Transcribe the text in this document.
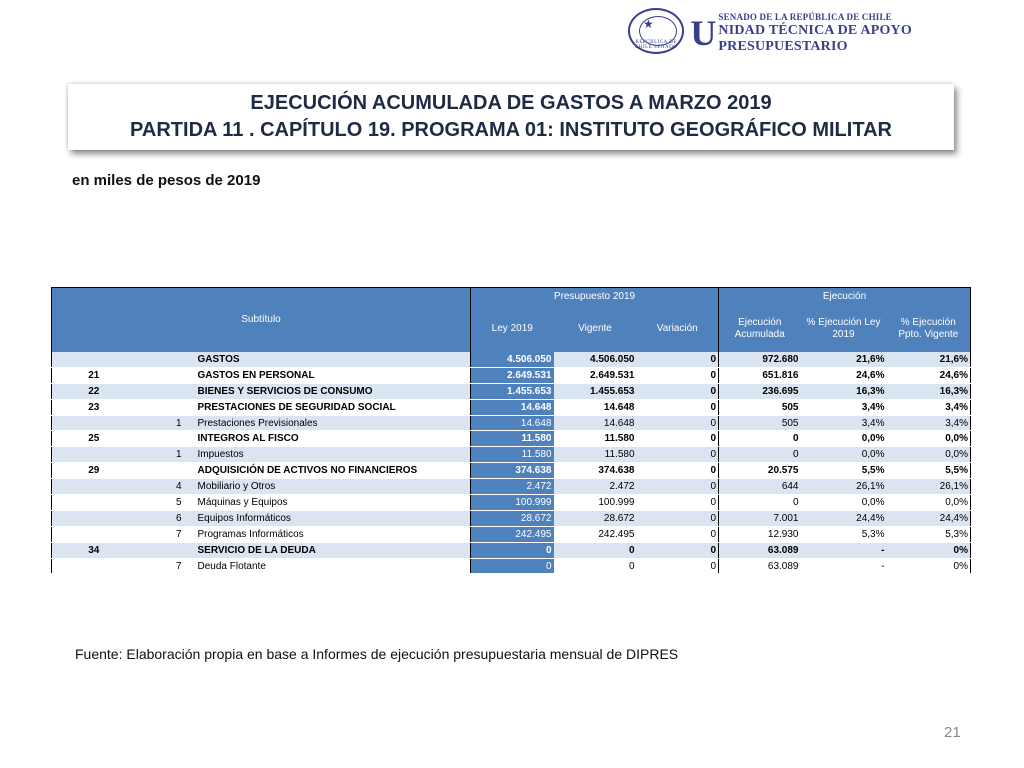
★
REPÚBLICA DE CHILE SENADO U SENADO DE LA REPÚBLICA DE CHILE
NIDAD TÉCNICA DE APOYO PRESUPUESTARIO
EJECUCIÓN ACUMULADA DE GASTOS A MARZO 2019
PARTIDA 11 . CAPÍTULO 19. PROGRAMA 01: INSTITUTO GEOGRÁFICO MILITAR
en miles de pesos de 2019
Subtítulo			Presupuesto 2019			Ejecución		
			Ley 2019	Vigente	Variación	Ejecución Acumulada	% Ejecución Ley 2019	% Ejecución Ppto. Vigente
		GASTOS	4.506.050	4.506.050	0	972.680	21,6%	21,6%
21		GASTOS EN PERSONAL	2.649.531	2.649.531	0	651.816	24,6%	24,6%
22		BIENES Y SERVICIOS DE CONSUMO	1.455.653	1.455.653	0	236.695	16,3%	16,3%
23		PRESTACIONES DE SEGURIDAD SOCIAL	14.648	14.648	0	505	3,4%	3,4%
	1	Prestaciones Previsionales	14.648	14.648	0	505	3,4%	3,4%
25		INTEGROS AL FISCO	11.580	11.580	0	0	0,0%	0,0%
	1	Impuestos	11.580	11.580	0	0	0,0%	0,0%
29		ADQUISICIÓN DE ACTIVOS NO FINANCIEROS	374.638	374.638	0	20.575	5,5%	5,5%
	4	Mobiliario y Otros	2.472	2.472	0	644	26,1%	26,1%
	5	Máquinas y Equipos	100.999	100.999	0	0	0,0%	0,0%
	6	Equipos Informáticos	28.672	28.672	0	7.001	24,4%	24,4%
	7	Programas Informáticos	242.495	242.495	0	12.930	5,3%	5,3%
34		SERVICIO DE LA DEUDA	0	0	0	63.089	-	0%
	7	Deuda Flotante	0	0	0	63.089	-	0%
Fuente: Elaboración propia en base a Informes de ejecución presupuestaria mensual de DIPRES
21
